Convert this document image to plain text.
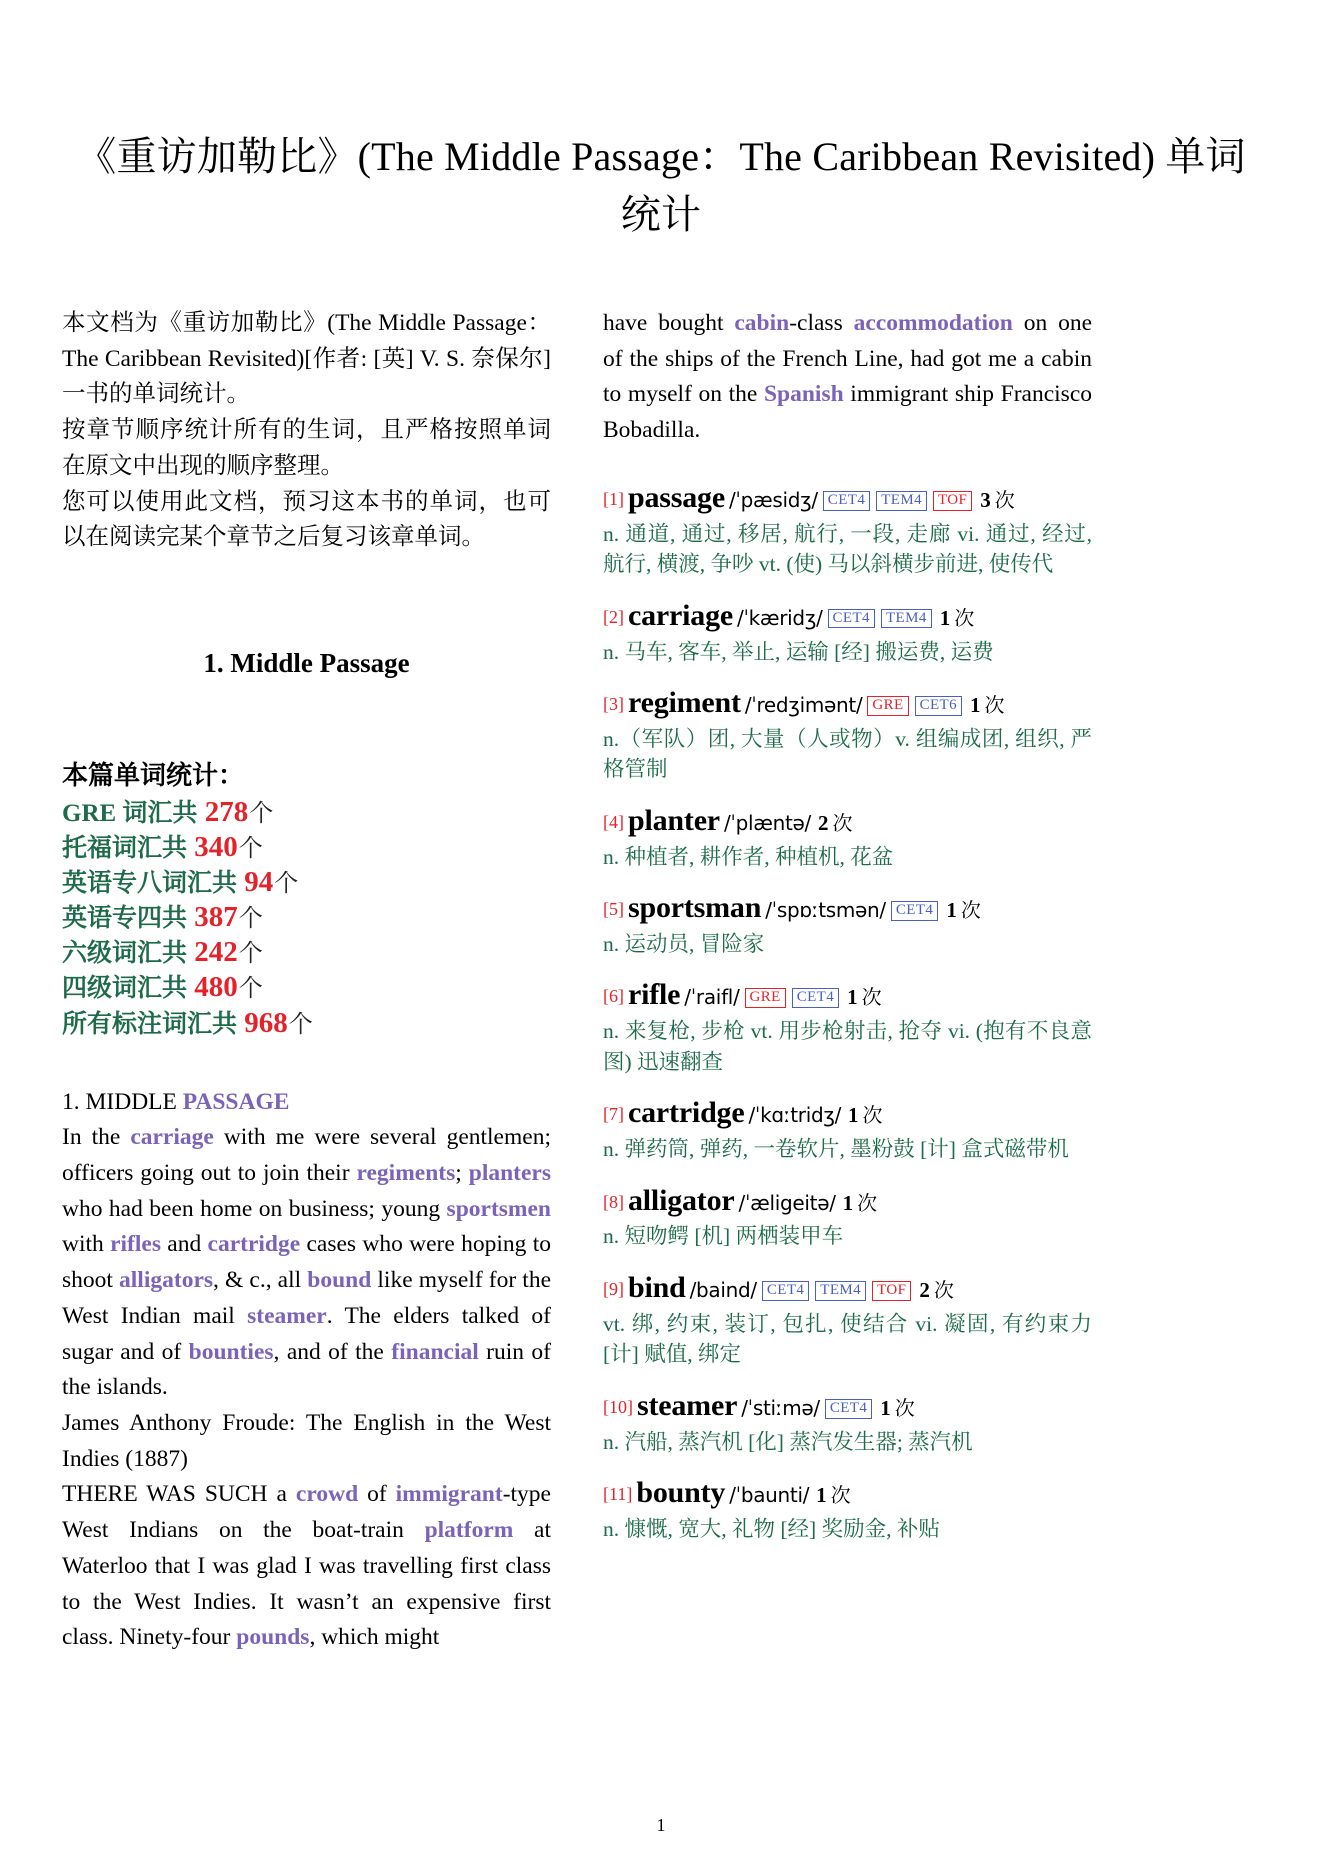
《重访加勒比》(The Middle Passage：The Caribbean Revisited) 单词统计

本文档为《重访加勒比》(The Middle Passage：The Caribbean Revisited)[作者: [英] V. S. 奈保尔] 一书的单词统计。

按章节顺序统计所有的生词，且严格按照单词在原文中出现的顺序整理。

您可以使用此文档，预习这本书的单词，也可以在阅读完某个章节之后复习该章单词。

1. Middle Passage
本篇单词统计：
GRE 词汇共 278个
托福词汇共 340个
英语专八词汇共 94个
英语专四共 387个
六级词汇共 242个
四级词汇共 480个
所有标注词汇共 968个

1. MIDDLE PASSAGE

In the carriage with me were several gentlemen; officers going out to join their regiments; planters who had been home on business; young sportsmen with rifles and cartridge cases who were hoping to shoot alligators, & c., all bound like myself for the West Indian mail steamer. The elders talked of sugar and of bounties, and of the financial ruin of the islands.

James Anthony Froude: The English in the West Indies (1887)

THERE WAS SUCH a crowd of immigrant-type West Indians on the boat-train platform at Waterloo that I was glad I was travelling first class to the West Indies. It wasn’t an expensive first class. Ninety-four pounds, which might

have bought cabin-class accommodation on one of the ships of the French Line, had got me a cabin to myself on the Spanish immigrant ship Francisco Bobadilla.

[1] passage /ˈpæsidʒ/ CET4 TEM4 TOF 3 次
n. 通道, 通过, 移居, 航行, 一段, 走廊 vi. 通过, 经过, 航行, 横渡, 争吵 vt. (使) 马以斜横步前进, 使传代
[2] carriage /ˈkæridʒ/ CET4 TEM4 1 次
n. 马车, 客车, 举止, 运输 [经] 搬运费, 运费
[3] regiment /ˈredʒimənt/ GRE CET6 1 次
n.（军队）团, 大量（人或物）v. 组编成团, 组织, 严格管制
[4] planter /ˈplæntə/ 2 次
n. 种植者, 耕作者, 种植机, 花盆
[5] sportsman /ˈspɒːtsmən/ CET4 1 次
n. 运动员, 冒险家
[6] rifle /ˈraifl/ GRE CET4 1 次
n. 来复枪, 步枪 vt. 用步枪射击, 抢夺 vi. (抱有不良意图) 迅速翻查
[7] cartridge /ˈkɑːtridʒ/ 1 次
n. 弹药筒, 弹药, 一卷软片, 墨粉鼓 [计] 盒式磁带机
[8] alligator /ˈæligeitə/ 1 次
n. 短吻鳄 [机] 两栖装甲车
[9] bind /baind/ CET4 TEM4 TOF 2 次
vt. 绑, 约束, 装订, 包扎, 使结合 vi. 凝固, 有约束力 [计] 赋值, 绑定
[10] steamer /ˈstiːmə/ CET4 1 次
n. 汽船, 蒸汽机 [化] 蒸汽发生器; 蒸汽机
[11] bounty /ˈbaunti/ 1 次
n. 慷慨, 宽大, 礼物 [经] 奖励金, 补贴
1
